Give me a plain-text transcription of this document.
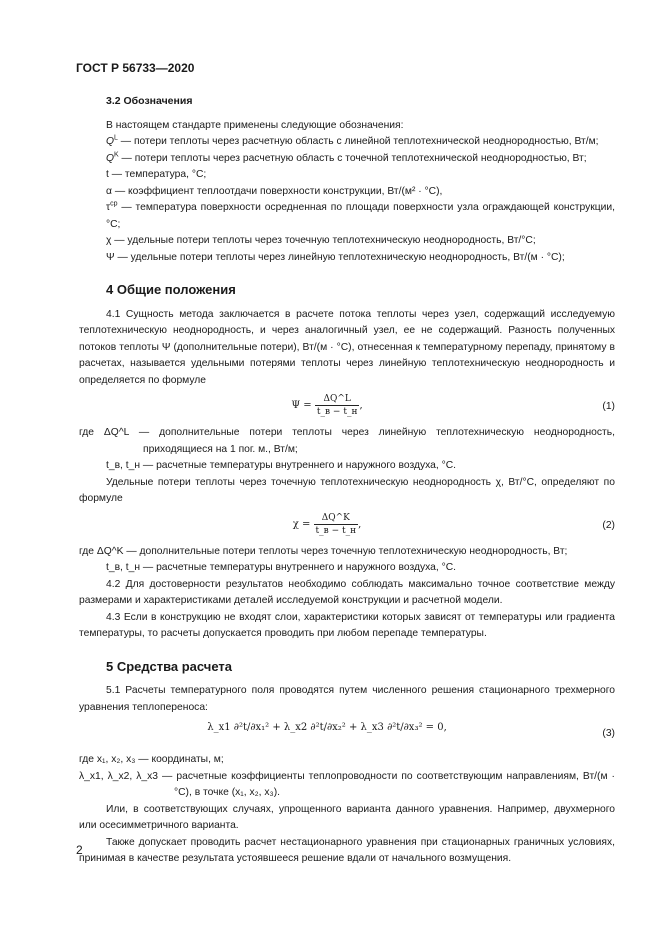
ГОСТ Р 56733—2020
3.2 Обозначения

В настоящем стандарте применены следующие обозначения:

$Q^L$ — потери теплоты через расчетную область с линейной теплотехнической неоднородностью, Вт/м;

$Q^K$ — потери теплоты через расчетную область с точечной теплотехнической неоднородностью, Вт;

t — температура, °С;

α — коэффициент теплоотдачи поверхности конструкции, Вт/(м² · °С),

$\tau^{ср}$ — температура поверхности осредненная по площади поверхности узла ограждающей конструкции, °С;

χ — удельные потери теплоты через точечную теплотехническую неоднородность, Вт/°С;

Ψ — удельные потери теплоты через линейную теплотехническую неоднородность, Вт/(м · °С);

4 Общие положения

4.1 Сущность метода заключается в расчете потока теплоты через узел, содержащий исследуемую теплотехническую неоднородность, и через аналогичный узел, ее не содержащий. Разность полученных потоков теплоты Ψ (дополнительные потери), Вт/(м · °С), отнесенная к температурному перепаду, принятому в расчетах, называется удельными потерями теплоты через линейную теплотехническую неоднородность и определяется по формуле

$\Psi = \frac{\Delta Q\^{}L}{t\_в - t\_н}$ ,	(1)

где ΔQ^L — дополнительные потери теплоты через линейную теплотехническую неоднородность, приходящиеся на 1 пог. м., Вт/м;

t_в, t_н — расчетные температуры внутреннего и наружного воздуха, °С.

Удельные потери теплоты через точечную теплотехническую неоднородность χ, Вт/°С, определяют по формуле

$\chi = \frac{\Delta Q\^{}K}{t\_в - t\_н}$ ,	(2)

где ΔQ^K — дополнительные потери теплоты через точечную теплотехническую неоднородность, Вт;

t_в, t_н — расчетные температуры внутреннего и наружного воздуха, °С.

4.2 Для достоверности результатов необходимо соблюдать максимально точное соответствие между размерами и характеристиками деталей исследуемой конструкции и расчетной модели.

4.3 Если в конструкцию не входят слои, характеристики которых зависят от температуры или градиента температуры, то расчеты допускается проводить при любом перепаде температуры.

5 Средства расчета

5.1 Расчеты температурного поля проводятся путем численного решения стационарного трехмерного уравнения теплопереноса:

λ_x1 ∂²t/∂x₁² + λ_x2 ∂²t/∂x₂² + λ_x3 ∂²t/∂x₃² = 0,
(3)

где x₁, x₂, x₃ — координаты, м;

λ_x1, λ_x2, λ_x3 — расчетные коэффициенты теплопроводности по соответствующим направлениям, Вт/(м · °С), в точке (x₁, x₂, x₃).

Или, в соответствующих случаях, упрощенного варианта данного уравнения. Например, двухмерного или осесимметричного варианта.

Также допускает проводить расчет нестационарного уравнения при стационарных граничных условиях, принимая в качестве результата устоявшееся решение вдали от начального возмущения.

2
